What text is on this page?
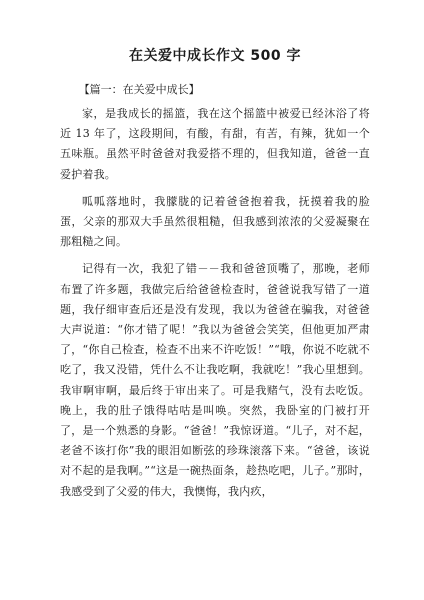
在关爱中成长作文 500 字

【篇一：在关爱中成长】

家，是我成长的摇篮，我在这个摇篮中被爱已经沐浴了将近 13 年了，这段期间，有酸，有甜，有苦，有辣，犹如一个五味瓶。虽然平时爸爸对我爱搭不理的，但我知道，爸爸一直爱护着我。

呱呱落地时，我朦胧的记着爸爸抱着我，抚摸着我的脸蛋，父亲的那双大手虽然很粗糙，但我感到浓浓的父爱凝聚在那粗糙之间。

记得有一次，我犯了错－－我和爸爸顶嘴了，那晚，老师布置了许多题，我做完后给爸爸检查时，爸爸说我写错了一道题，我仔细审查后还是没有发现，我以为爸爸在骗我，对爸爸大声说道：“你才错了呢！”我以为爸爸会笑笑，但他更加严肃了，“你自己检查，检查不出来不许吃饭！”“哦，你说不吃就不吃了，我又没错，凭什么不让我吃啊，我就吃！”我心里想到。我审啊审啊，最后终于审出来了。可是我赌气，没有去吃饭。晚上，我的肚子饿得咕咕是叫唤。突然，我卧室的门被打开了，是一个熟悉的身影。“爸爸！”我惊讶道。“儿子，对不起，老爸不该打你”我的眼泪如断弦的珍珠滚落下来。“爸爸，该说对不起的是我啊。”“这是一碗热面条，趁热吃吧，儿子。”那时，我感受到了父爱的伟大，我懊悔，我内疚，
